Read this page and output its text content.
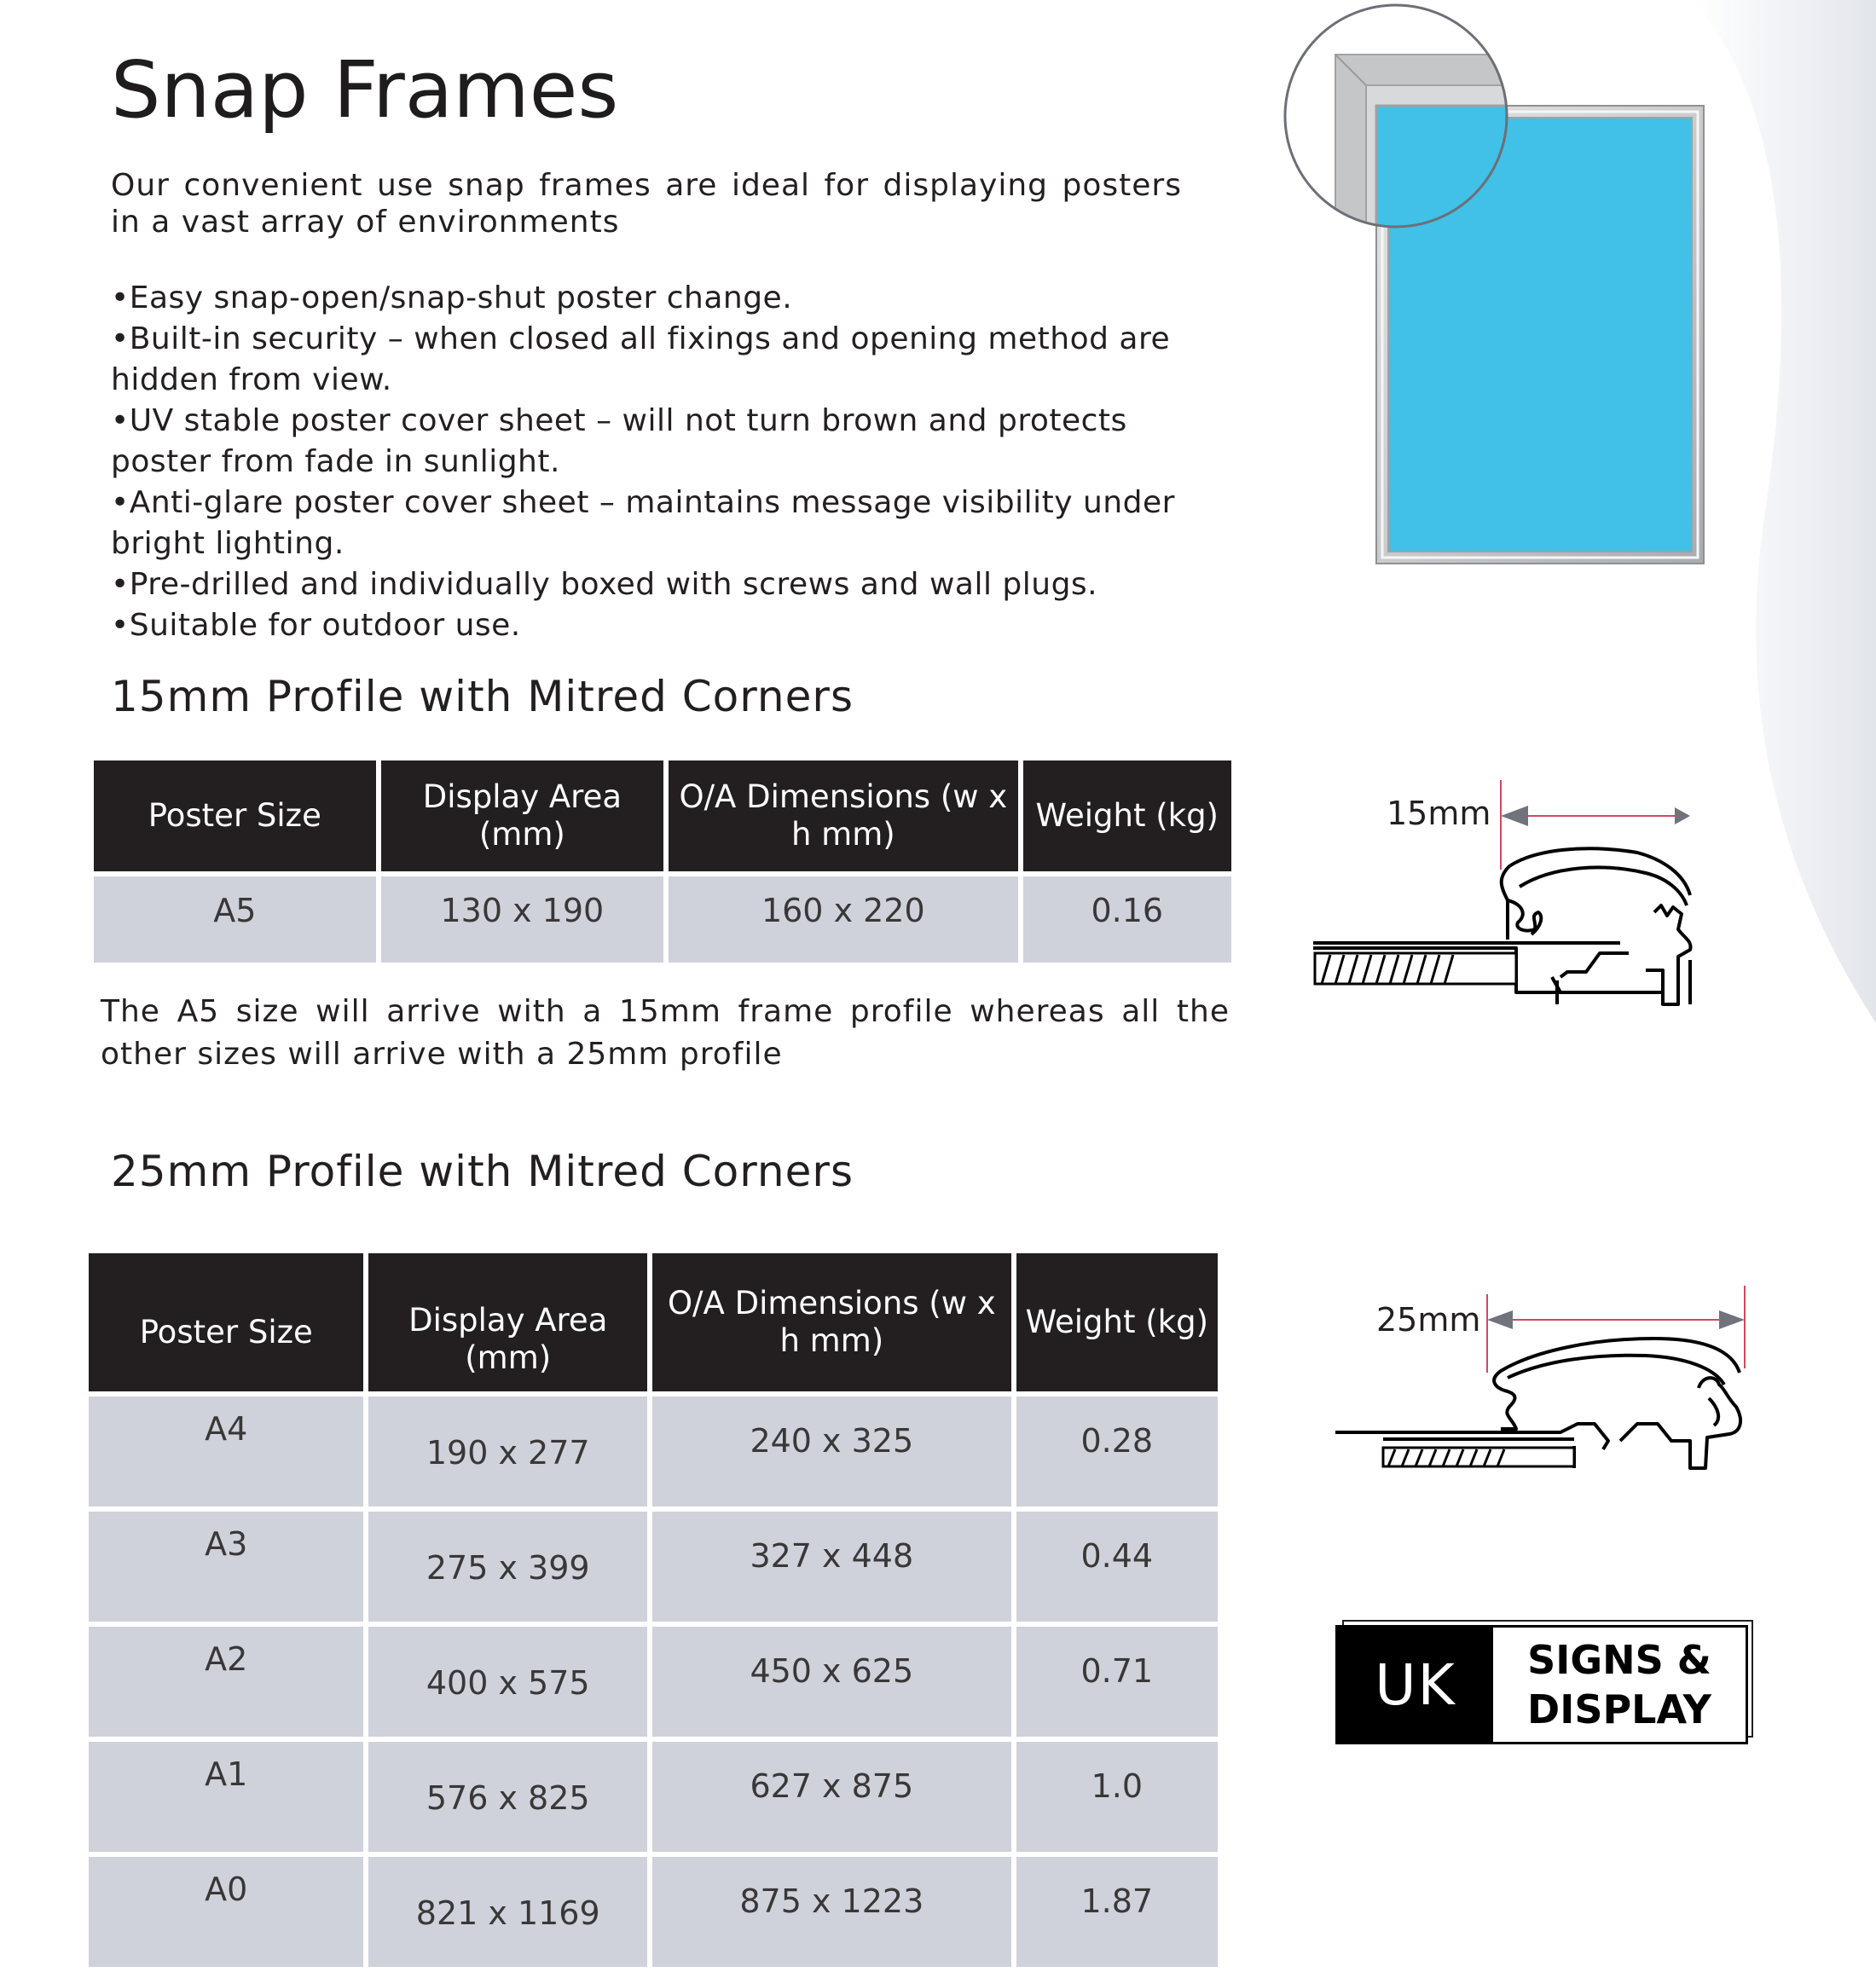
Snap Frames

Our convenient use snap frames are ideal for displaying posters in a vast array of environments

•Easy snap-open/snap-shut poster change.
•Built-in security – when closed all fixings and opening method are hidden from view.
•UV stable poster cover sheet – will not turn brown and protects poster from fade in sunlight.
•Anti-glare poster cover sheet – maintains message visibility under bright lighting.
•Pre-drilled and individually boxed with screws and wall plugs.
•Suitable for outdoor use.
15mm Profile with Mitred Corners
Poster Size	Display Area (mm)	O/A Dimensions (w x h mm)	Weight (kg)
A5	130 x 190	160 x 220	0.16

The A5 size will arrive with a 15mm frame profile whereas all the other sizes will arrive with a 25mm profile

15mm
25mm Profile with Mitred Corners
Poster Size	Display Area (mm)	O/A Dimensions (w x h mm)	Weight (kg)
A4	190 x 277	240 x 325	0.28
A3	275 x 399	327 x 448	0.44
A2	400 x 575	450 x 625	0.71
A1	576 x 825	627 x 875	1.0
A0	821 x 1169	875 x 1223	1.87
25mm
UK	SIGNS &
DISPLAY
